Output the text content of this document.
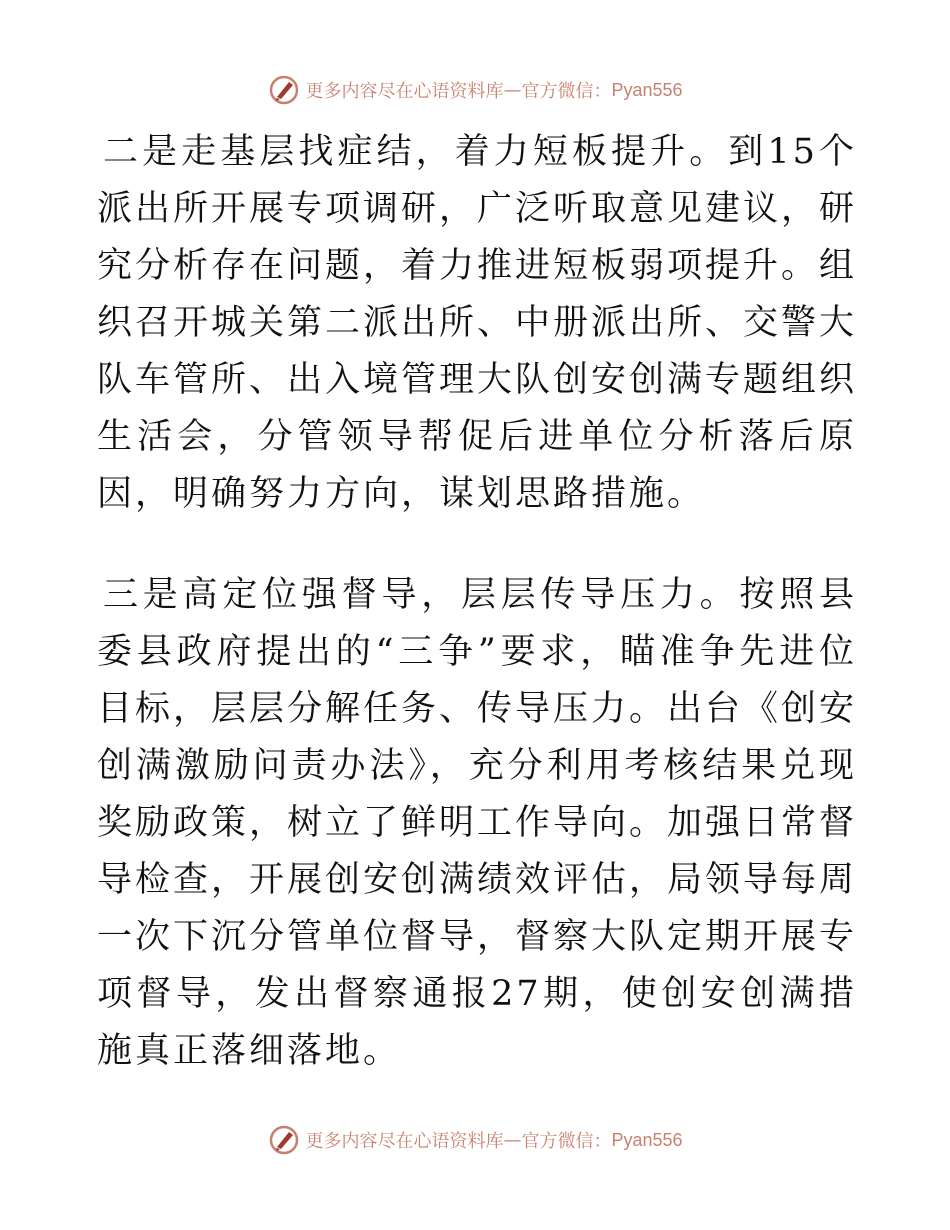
更多内容尽在心语资料库 — 官方微信： Pyan556

二是走基层找症结，着力短板提升。到15个派出所开展专项调研，广泛听取意见建议，研究分析存在问题，着力推进短板弱项提升。组织召开城关第二派出所、中册派出所、交警大队车管所、出入境管理大队创安创满专题组织生活会，分管领导帮促后进单位分析落后原因，明确努力方向，谋划思路措施。

三是高定位强督导，层层传导压力。按照县委县政府提出的“三争”要求，瞄准争先进位目标，层层分解任务、传导压力。出台《创安创满激励问责办法》，充分利用考核结果兑现奖励政策，树立了鲜明工作导向。加强日常督导检查，开展创安创满绩效评估，局领导每周一次下沉分管单位督导，督察大队定期开展专项督导，发出督察通报27期，使创安创满措施真正落细落地。

更多内容尽在心语资料库 — 官方微信： Pyan556
